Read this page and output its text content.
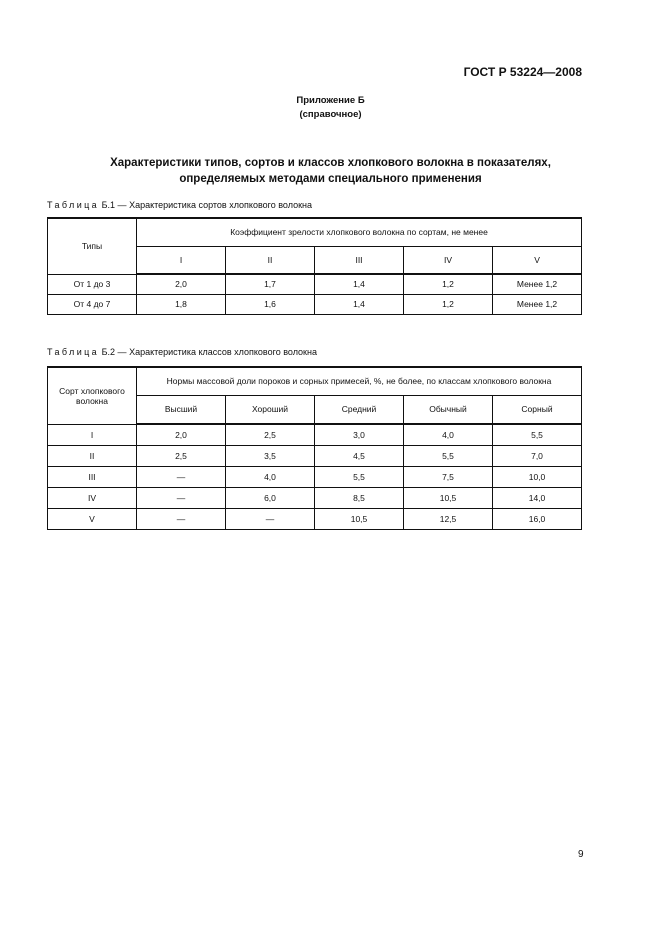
ГОСТ Р 53224—2008
Приложение Б
(справочное)
Характеристики типов, сортов и классов хлопкового волокна в показателях,
определяемых методами специального применения
Таблица Б.1 — Характеристика сортов хлопкового волокна
Типы	Коэффициент зрелости хлопкового волокна по сортам, не менее				
	I	II	III	IV	V
От 1 до 3	2,0	1,7	1,4	1,2	Менее 1,2
От 4 до 7	1,8	1,6	1,4	1,2	Менее 1,2
Таблица Б.2 — Характеристика классов хлопкового волокна
Сорт хлопкового волокна	Нормы массовой доли пороков и сорных примесей, %, не более, по классам хлопкового волокна				
	Высший	Хороший	Средний	Обычный	Сорный
I	2,0	2,5	3,0	4,0	5,5
II	2,5	3,5	4,5	5,5	7,0
III	—	4,0	5,5	7,5	10,0
IV	—	6,0	8,5	10,5	14,0
V	—	—	10,5	12,5	16,0
9
